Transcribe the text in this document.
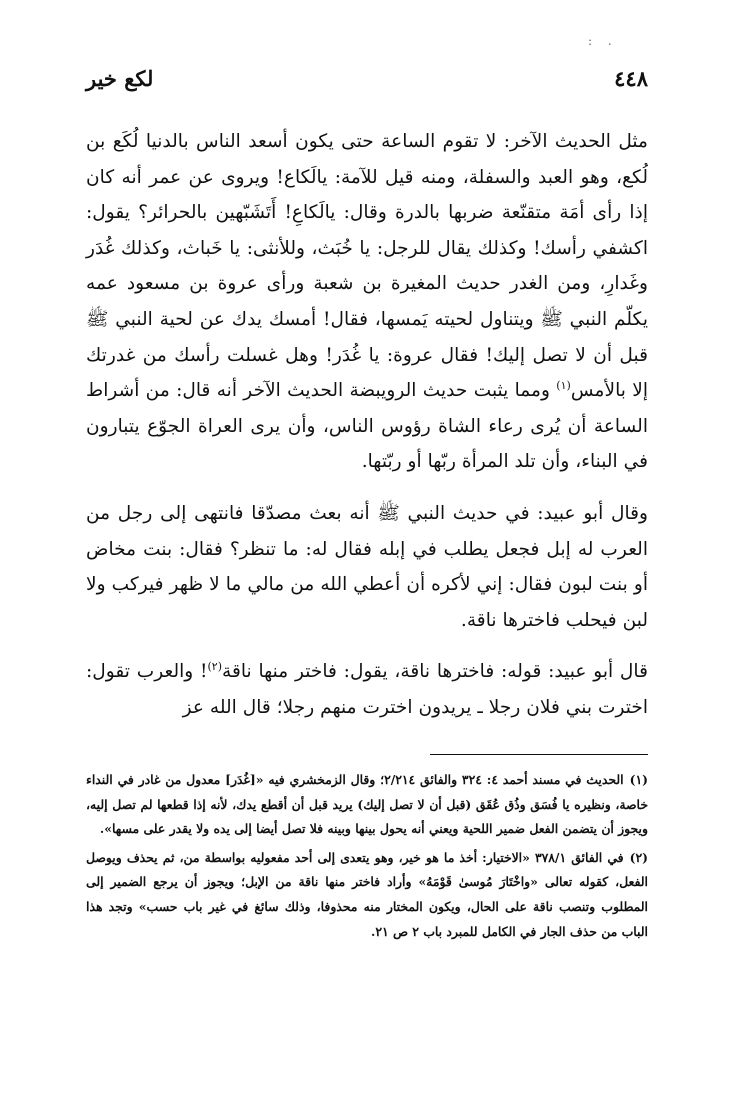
: .
٤٤٨
لكع خير

مثل الحديث الآخر: لا تقوم الساعة حتى يكون أسعد الناس بالدنيا لُكَع بن لُكع، وهو العبد والسفلة، ومنه قيل للآمة: يالَكاع! ويروى عن عمر أنه كان إذا رأى أمَة متقنّعة ضربها بالدرة وقال: يالَكاعِ! أَتَشَبّهين بالحرائر؟ يقول: اكشفي رأسك! وكذلك يقال للرجل: يا خُبَث، وللأنثى: يا خَباث، وكذلك غُدَر وغَدارِ، ومن الغدر حديث المغيرة بن شعبة ورأى عروة بن مسعود عمه يكلّم النبي ﷺ ويتناول لحيته يَمسها، فقال! أمسك يدك عن لحية النبي ﷺ قبل أن لا تصل إليك! فقال عروة: يا غُدَر! وهل غسلت رأسك من غدرتك إلا بالأمس$^{(١)}$ ومما يثبت حديث الرويبضة الحديث الآخر أنه قال: من أشراط الساعة أن يُرى رعاء الشاة رؤوس الناس، وأن يرى العراة الجوّع يتبارون في البناء، وأن تلد المرأة ربّها أو ربّتها.

وقال أبو عبيد: في حديث النبي ﷺ أنه بعث مصدّقا فانتهى إلى رجل من العرب له إبل فجعل يطلب في إبله فقال له: ما تنظر؟ فقال: بنت مخاض أو بنت لبون فقال: إني لأكره أن أعطي الله من مالي ما لا ظهر فيركب ولا لبن فيحلب فاخترها ناقة.

قال أبو عبيد: قوله: فاخترها ناقة، يقول: فاختر منها ناقة$^{(٢)}$! والعرب تقول: اخترت بني فلان رجلا ـ يريدون اخترت منهم رجلا؛ قال الله عز

(١)الحديث في مسند أحمد ٤: ٣٢٤ والفائق ٢/٢١٤؛ وقال الزمخشري فيه «[غُدَر] معدول من غادر في النداء خاصة، ونظيره يا فُسَق وذُق عُقَق (قبل أن لا تصل إليك) يريد قبل أن أقطع يدك، لأنه إذا قطعها لم تصل إليه، ويجوز أن يتضمن الفعل ضمير اللحية ويعني أنه يحول بينها وبينه فلا تصل أيضا إلى يده ولا يقدر على مسها».

(٢)في الفائق ٣٧٨/١ «الاختيار: أخذ ما هو خير، وهو يتعدى إلى أحد مفعوليه بواسطة من، ثم يحذف ويوصل الفعل، كقوله تعالى «واخْتَارَ مُوسىٰ قَوْمَهُ» وأراد فاختر منها ناقة من الإبل؛ ويجوز أن يرجع الضمير إلى المطلوب وتنصب ناقة على الحال، ويكون المختار منه محذوفا، وذلك سائغ في غير باب حسب» وتجد هذا الباب من حذف الجار في الكامل للمبرد باب ٢ ص ٢١.
